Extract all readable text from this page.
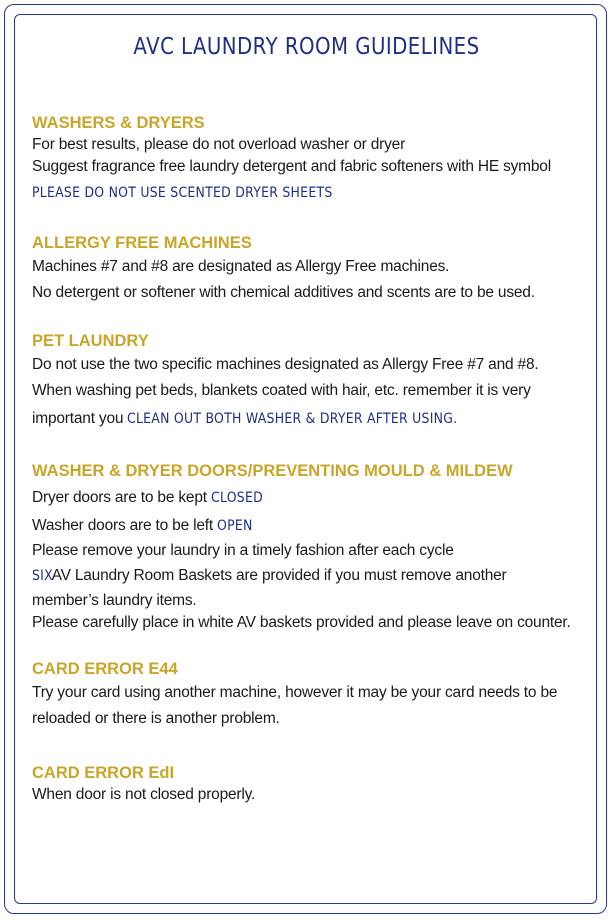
AVC LAUNDRY ROOM GUIDELINES
WASHERS & DRYERS
For best results, please do not overload washer or dryer
Suggest fragrance free laundry detergent and fabric softeners with HE symbol
PLEASE DO NOT USE SCENTED DRYER SHEETS
ALLERGY FREE MACHINES
Machines #7 and #8 are designated as Allergy Free machines.
No detergent or softener with chemical additives and scents are to be used.
PET LAUNDRY
Do not use the two specific machines designated as Allergy Free #7 and #8.
When washing pet beds, blankets coated with hair, etc. remember it is very
important you CLEAN OUT BOTH WASHER & DRYER AFTER USING.
WASHER & DRYER DOORS/PREVENTING MOULD & MILDEW
Dryer doors are to be kept CLOSED
Washer doors are to be left OPEN
Please remove your laundry in a timely fashion after each cycle
SIX AV Laundry Room Baskets are provided if you must remove another
member’s laundry items.
Please carefully place in white AV baskets provided and please leave on counter.
CARD ERROR E44
Try your card using another machine, however it may be your card needs to be
reloaded or there is another problem.
CARD ERROR EdI
When door is not closed properly.
